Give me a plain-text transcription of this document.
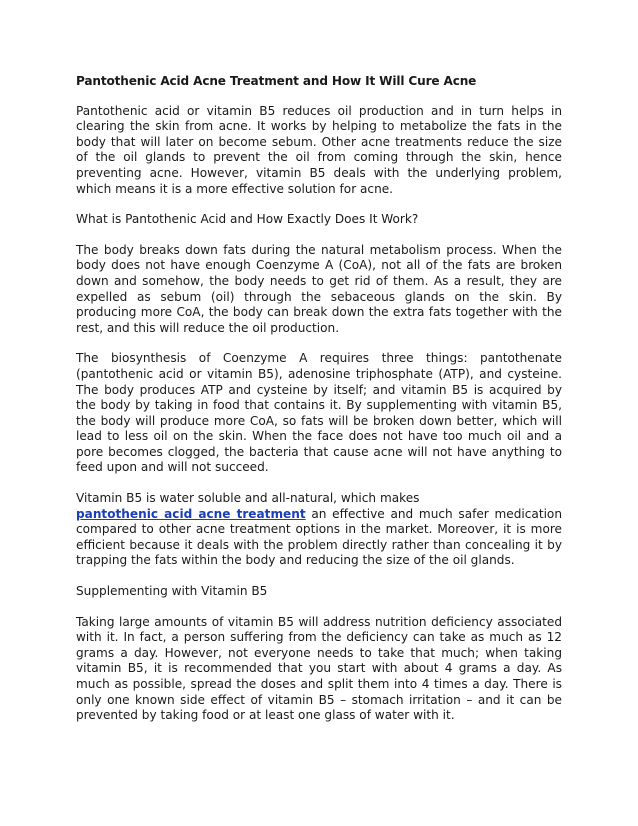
Pantothenic Acid Acne Treatment and How It Will Cure Acne
Pantothenic acid or vitamin B5 reduces oil production and in turn helps in clearing the skin from acne. It works by helping to metabolize the fats in the body that will later on become sebum. Other acne treatments reduce the size of the oil glands to prevent the oil from coming through the skin, hence preventing acne. However, vitamin B5 deals with the underlying problem, which means it is a more effective solution for acne.
What is Pantothenic Acid and How Exactly Does It Work?
The body breaks down fats during the natural metabolism process. When the body does not have enough Coenzyme A (CoA), not all of the fats are broken down and somehow, the body needs to get rid of them. As a result, they are expelled as sebum (oil) through the sebaceous glands on the skin. By producing more CoA, the body can break down the extra fats together with the rest, and this will reduce the oil production.
The biosynthesis of Coenzyme A requires three things: pantothenate (pantothenic acid or vitamin B5), adenosine triphosphate (ATP), and cysteine. The body produces ATP and cysteine by itself; and vitamin B5 is acquired by the body by taking in food that contains it. By supplementing with vitamin B5, the body will produce more CoA, so fats will be broken down better, which will lead to less oil on the skin. When the face does not have too much oil and a pore becomes clogged, the bacteria that cause acne will not have anything to feed upon and will not succeed.
Vitamin B5 is water soluble and all-natural, which makes
pantothenic acid acne treatment an effective and much safer medication compared to other acne treatment options in the market. Moreover, it is more efficient because it deals with the problem directly rather than concealing it by trapping the fats within the body and reducing the size of the oil glands.
Supplementing with Vitamin B5
Taking large amounts of vitamin B5 will address nutrition deficiency associated with it. In fact, a person suffering from the deficiency can take as much as 12 grams a day. However, not everyone needs to take that much; when taking vitamin B5, it is recommended that you start with about 4 grams a day. As much as possible, spread the doses and split them into 4 times a day. There is only one known side effect of vitamin B5 – stomach irritation – and it can be prevented by taking food or at least one glass of water with it.
